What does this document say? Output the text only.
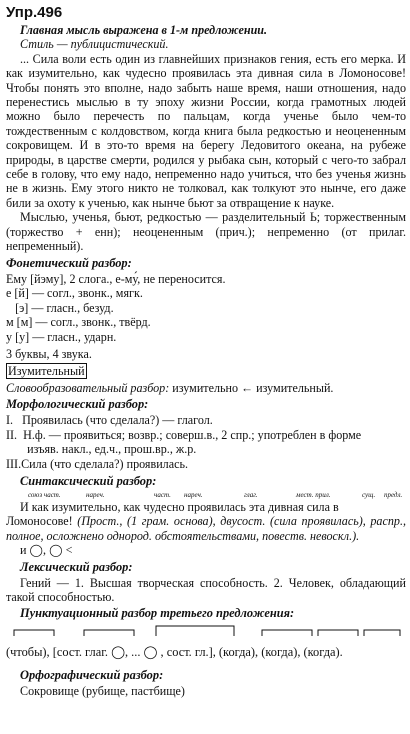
Упр.496

Главная мысль выражена в 1-м предложении.

Стиль — публицистический.

... Сила воли есть один из главнейших признаков гения, есть его мерка. И как изумительно, как чудесно проявилась эта дивная сила в Ломоносове! Чтобы понять это вполне, надо забыть наше время, наши отношения, надо перенестись мыслью в ту эпоху жизни России, когда грамотных людей можно было перечесть по пальцам, когда ученье было чем-то тождественным с колдовством, когда книга была редкостью и неоцененным сокровищем. И в это-то время на берегу Ледовитого океана, на рубеже природы, в царстве смерти, родился у рыбака сын, который с чего-то забрал себе в голову, что ему надо, непременно надо учиться, что без ученья жизнь не в жизнь. Ему этого никто не толковал, как толкуют это нынче, его даже били за охоту к ученью, как нынче бьют за отвращение к науке.

Мыслью, ученья, бьют, редкостью — разделительный Ь; торжественным (торжество + енн); неоцененным (прич.); непременно (от прилаг. непременный).

Фонетический разбор:
Ему [йэму], 2 слога., е-му́, не переносится.
е [й] — согл., звонк., мягк.
[э] — гласн., безуд.
м [м] — согл., звонк., твёрд.
у [у] — гласн., ударн.
3 буквы, 4 звука.
Изумительный
Словообразовательный разбор: изумительно ← изумительный.
Морфологический разбор:
I.   Проявилась (что сделала?) — глагол.
II.  Н.ф. — проявиться; возвр.; соверш.в., 2 спр.; употреблен в форме
изъяв. накл., ед.ч., прош.вр., ж.р.
III.Сила (что сделала?) проявилась.
Синтаксический разбор:
союз част.	нареч.	част. нареч.	глаг.	мест. прил.	сущ. предл.
И как изумительно, как чудесно проявилась эта дивная сила в

Ломоносове! (Прост., (1 грам. основа), двусост. (сила проявилась), распр., полное, осложнено однород. обстоятельствами, повеств. невоскл.).

и ◯, ◯ <
Лексический разбор:

Гений — 1. Высшая творческая способность. 2. Человек, обладающий такой способностью.

Пунктуационный разбор третьего предложения:
(чтобы), [сост. глаг. ◯, ... ◯ , сост. гл.], (когда), (когда), (когда).
Орфографический разбор:
Сокровище (рубище, пастбище)
